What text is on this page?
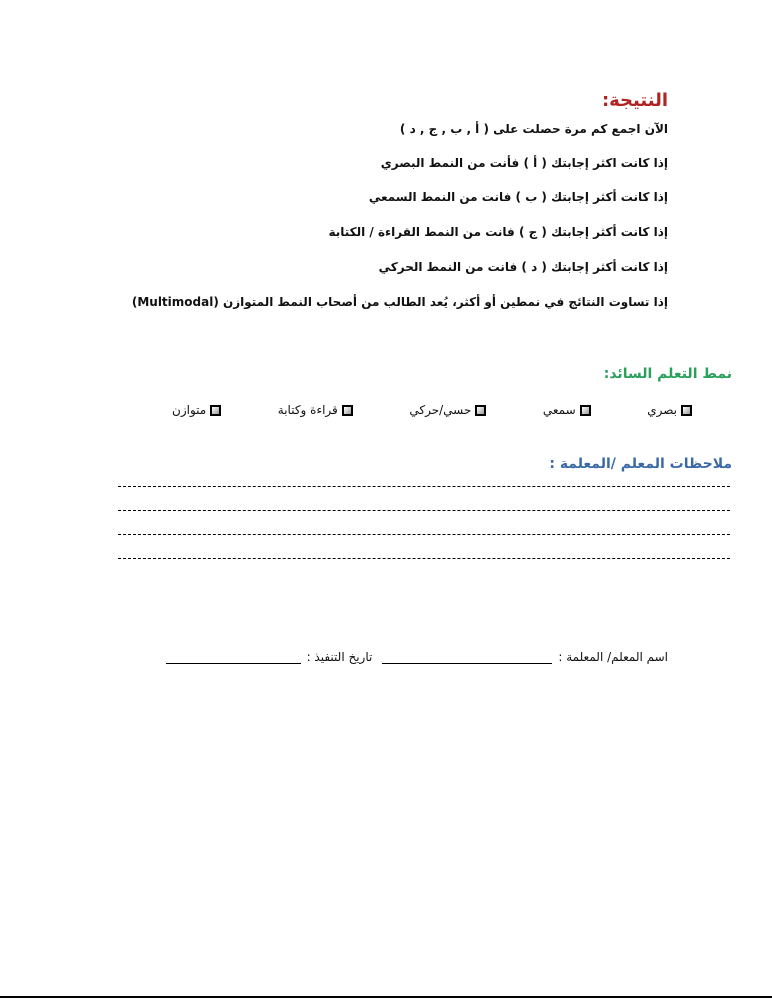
النتيجة:
الآن اجمع كم مرة حصلت على ( أ , ب , ج , د )
إذا كانت اكثر إجابتك ( أ ) فأنت من النمط البصري
إذا كانت أكثر إجابتك ( ب ) فانت من النمط السمعي
إذا كانت أكثر إجابتك ( ج ) فانت من النمط القراءة / الكتابة
إذا كانت أكثر إجابتك ( د ) فانت من النمط الحركي
إذا تساوت النتائج في نمطين أو أكثر، يُعد الطالب من أصحاب النمط المتوازن (Multimodal)
نمط التعلم السائد:
بصري
سمعي
حسي/حركي
قراءة وكتابة
متوازن
ملاحظات المعلم /المعلمة :
اسم المعلم/ المعلمة :
تاريخ التنفيذ :
